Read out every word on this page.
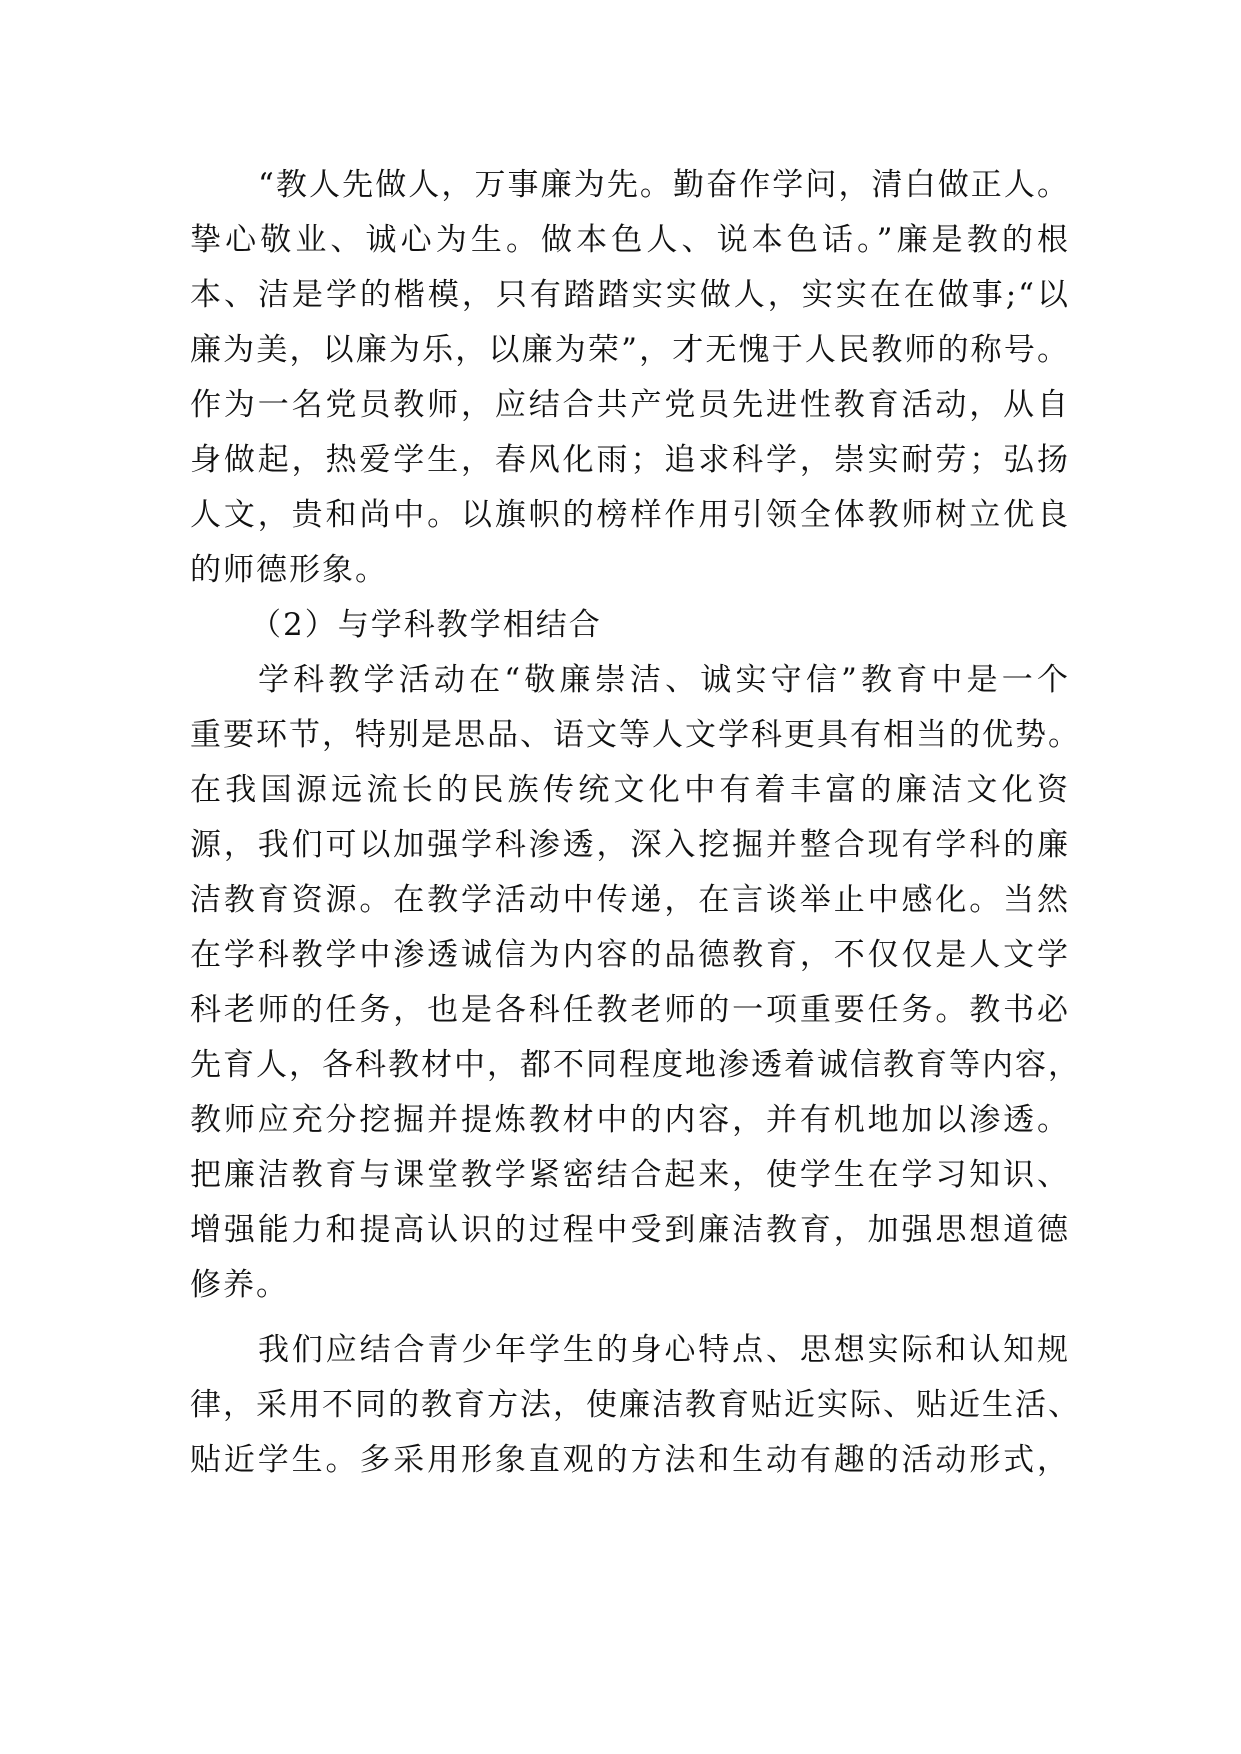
“教人先做人，万事廉为先。勤奋作学问，清白做正人。
挚心敬业、诚心为生。做本色人、说本色话。”廉是教的根
本、洁是学的楷模，只有踏踏实实做人，实实在在做事;“以
廉为美，以廉为乐，以廉为荣”，才无愧于人民教师的称号。
作为一名党员教师，应结合共产党员先进性教育活动，从自
身做起，热爱学生，春风化雨；追求科学，崇实耐劳；弘扬
人文，贵和尚中。以旗帜的榜样作用引领全体教师树立优良
的师德形象。
（2）与学科教学相结合
学科教学活动在“敬廉崇洁、诚实守信”教育中是一个
重要环节，特别是思品、语文等人文学科更具有相当的优势。
在我国源远流长的民族传统文化中有着丰富的廉洁文化资
源，我们可以加强学科渗透，深入挖掘并整合现有学科的廉
洁教育资源。在教学活动中传递，在言谈举止中感化。当然
在学科教学中渗透诚信为内容的品德教育，不仅仅是人文学
科老师的任务，也是各科任教老师的一项重要任务。教书必
先育人，各科教材中，都不同程度地渗透着诚信教育等内容，
教师应充分挖掘并提炼教材中的内容，并有机地加以渗透。
把廉洁教育与课堂教学紧密结合起来，使学生在学习知识、
增强能力和提高认识的过程中受到廉洁教育，加强思想道德
修养。
我们应结合青少年学生的身心特点、思想实际和认知规
律，采用不同的教育方法，使廉洁教育贴近实际、贴近生活、
贴近学生。多采用形象直观的方法和生动有趣的活动形式，
